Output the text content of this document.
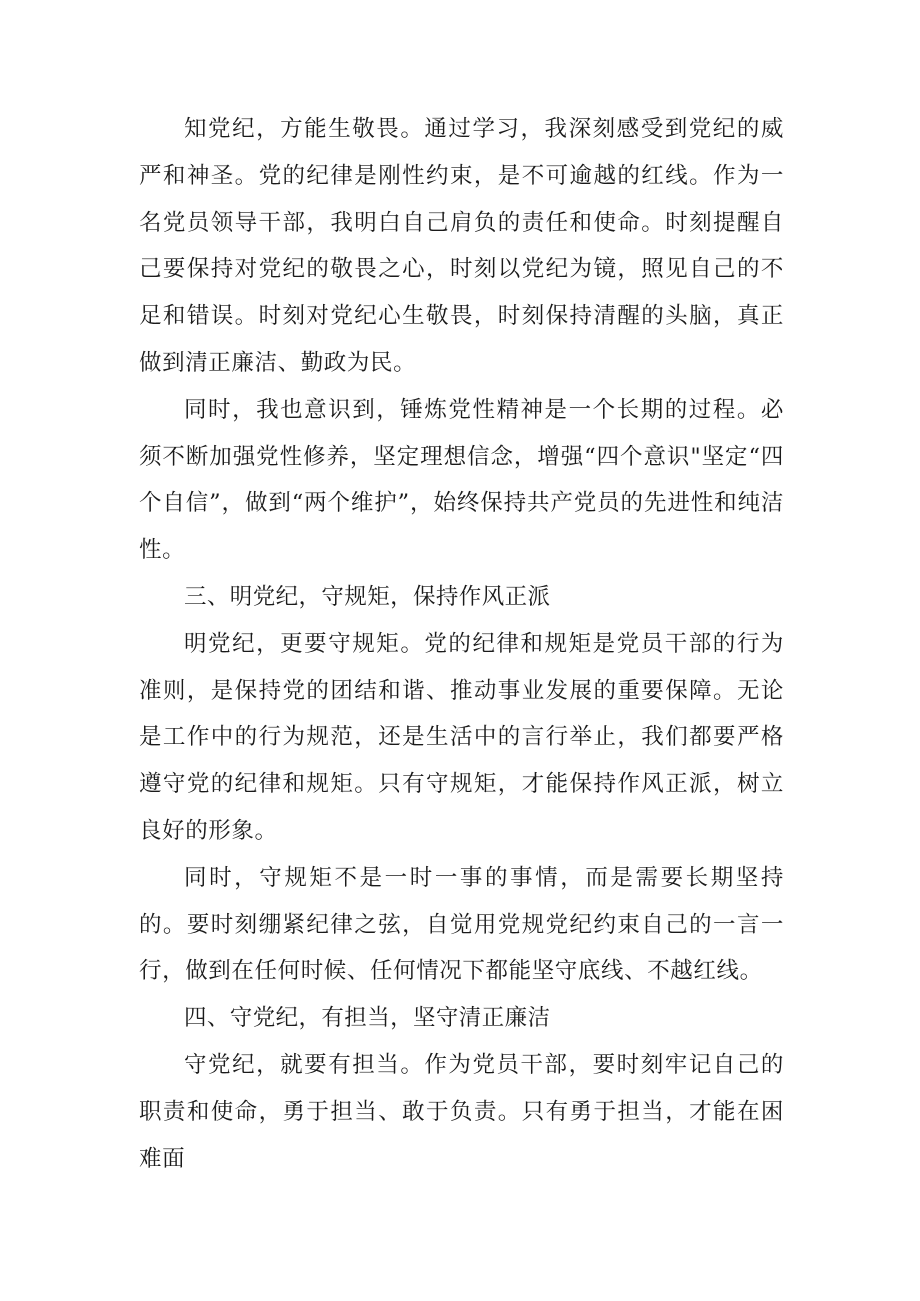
知党纪，方能生敬畏。通过学习，我深刻感受到党纪的威严和神圣。党的纪律是刚性约束，是不可逾越的红线。作为一名党员领导干部，我明白自己肩负的责任和使命。时刻提醒自己要保持对党纪的敬畏之心，时刻以党纪为镜，照见自己的不足和错误。时刻对党纪心生敬畏，时刻保持清醒的头脑，真正做到清正廉洁、勤政为民。

同时，我也意识到，锤炼党性精神是一个长期的过程。必须不断加强党性修养，坚定理想信念，增强“四个意识"坚定“四个自信”，做到“两个维护”，始终保持共产党员的先进性和纯洁性。

三、明党纪，守规矩，保持作风正派

明党纪，更要守规矩。党的纪律和规矩是党员干部的行为准则，是保持党的团结和谐、推动事业发展的重要保障。无论是工作中的行为规范，还是生活中的言行举止，我们都要严格遵守党的纪律和规矩。只有守规矩，才能保持作风正派，树立良好的形象。

同时，守规矩不是一时一事的事情，而是需要长期坚持的。要时刻绷紧纪律之弦，自觉用党规党纪约束自己的一言一行，做到在任何时候、任何情况下都能坚守底线、不越红线。

四、守党纪，有担当，坚守清正廉洁

守党纪，就要有担当。作为党员干部，要时刻牢记自己的职责和使命，勇于担当、敢于负责。只有勇于担当，才能在困难面
